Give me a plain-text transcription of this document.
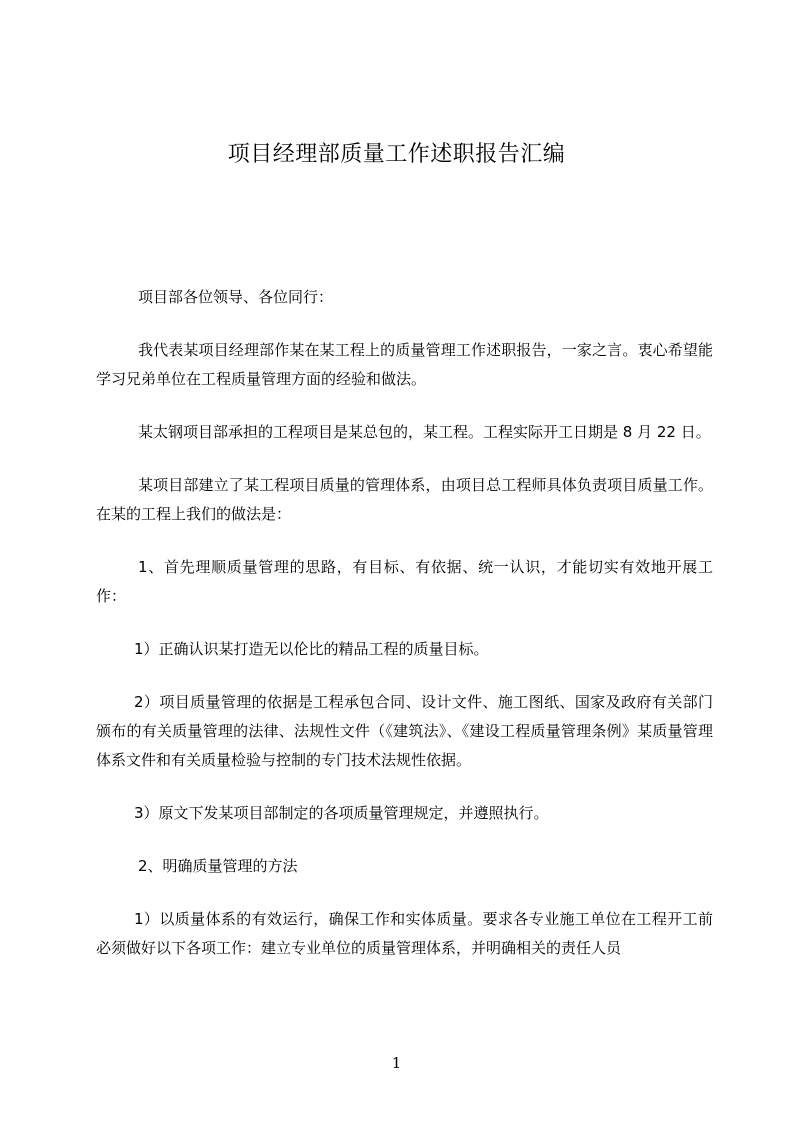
项目经理部质量工作述职报告汇编

项目部各位领导、各位同行：

我代表某项目经理部作某在某工程上的质量管理工作述职报告，一家之言。衷心希望能学习兄弟单位在工程质量管理方面的经验和做法。

某太钢项目部承担的工程项目是某总包的，某工程。工程实际开工日期是 8 月 22 日。

某项目部建立了某工程项目质量的管理体系，由项目总工程师具体负责项目质量工作。在某的工程上我们的做法是：

1、首先理顺质量管理的思路，有目标、有依据、统一认识，才能切实有效地开展工作：

1）正确认识某打造无以伦比的精品工程的质量目标。

2）项目质量管理的依据是工程承包合同、设计文件、施工图纸、国家及政府有关部门颁布的有关质量管理的法律、法规性文件（《建筑法》、《建设工程质量管理条例》某质量管理体系文件和有关质量检验与控制的专门技术法规性依据。

3）原文下发某项目部制定的各项质量管理规定，并遵照执行。

2、明确质量管理的方法

1）以质量体系的有效运行，确保工作和实体质量。要求各专业施工单位在工程开工前必须做好以下各项工作：建立专业单位的质量管理体系，并明确相关的责任人员

1
